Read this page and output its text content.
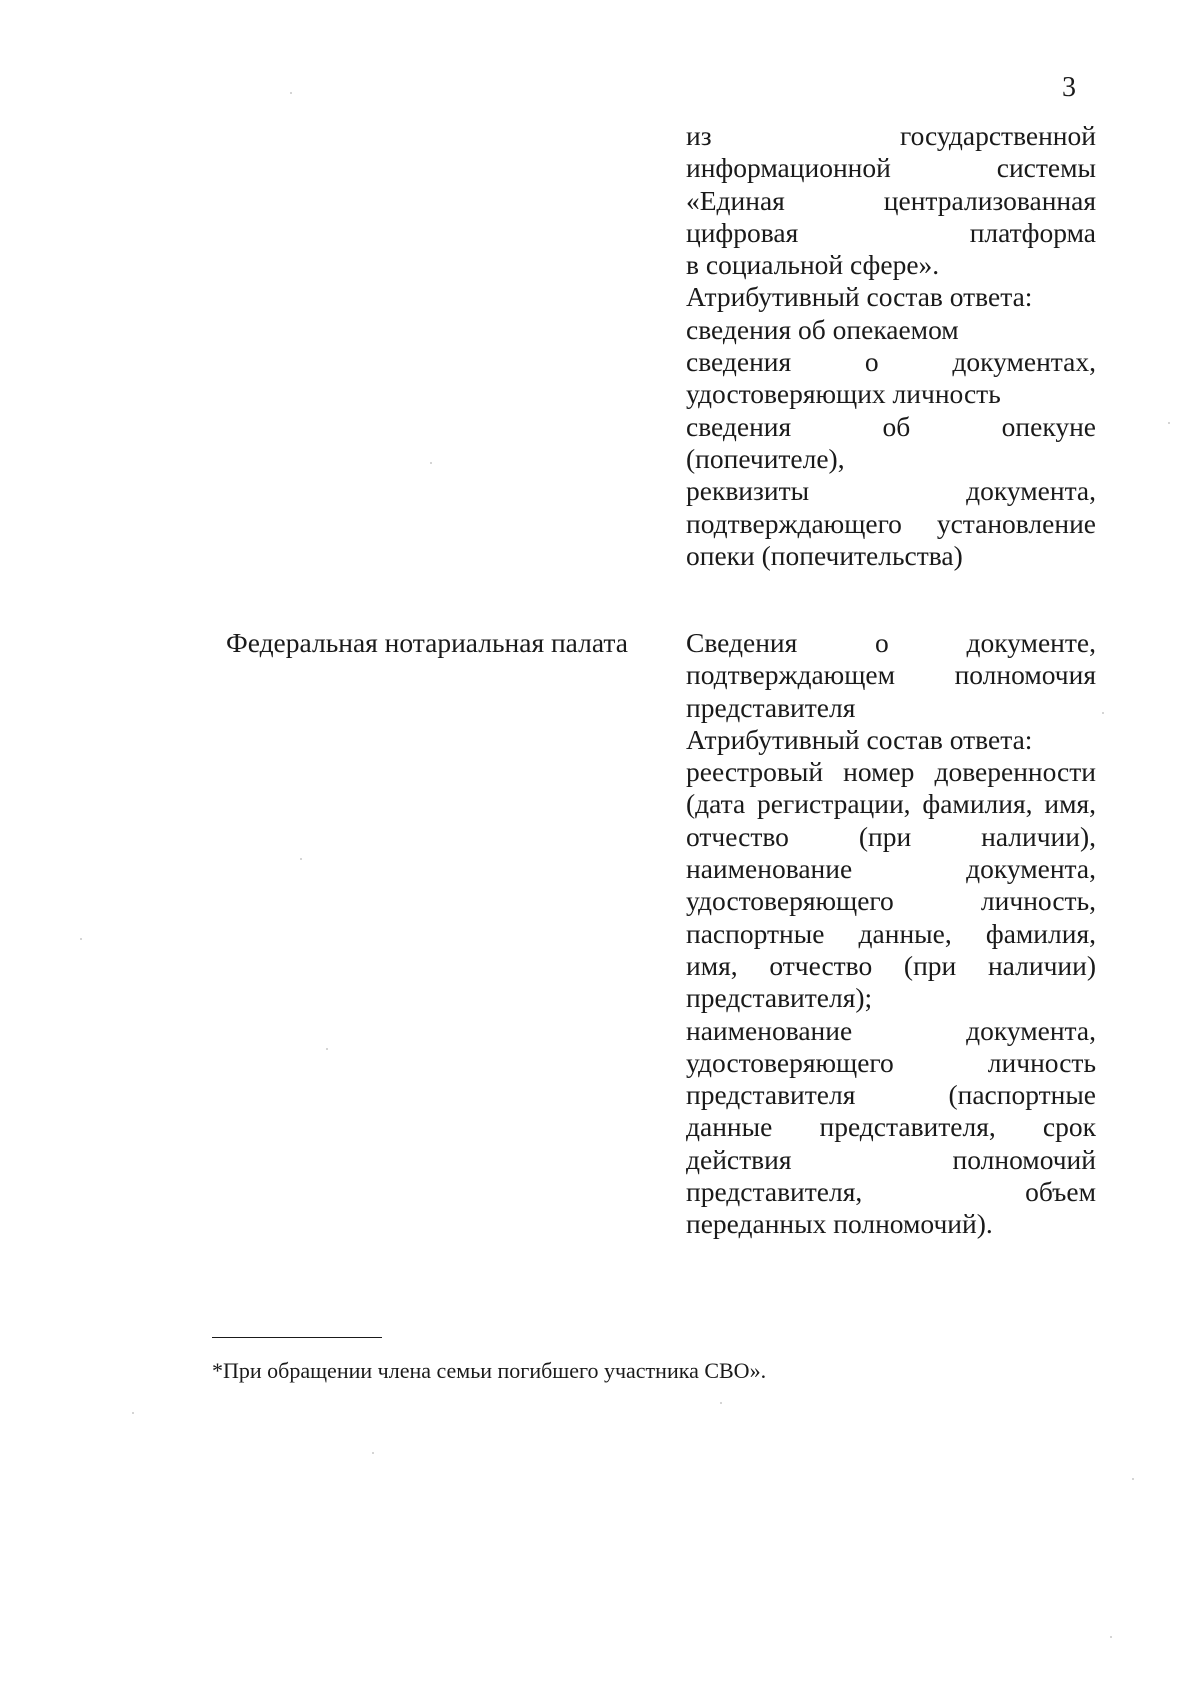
3

из государственной

информационной системы

«Единая централизованная

цифровая платформа

в социальной сфере».

Атрибутивный состав ответа:

сведения об опекаемом

сведения о документах,

удостоверяющих личность

сведения об опекуне

(попечителе),

реквизиты документа,

подтверждающего установление

опеки (попечительства)

Федеральная нотариальная палата Сведения о документе,

подтверждающем полномочия

представителя

Атрибутивный состав ответа:

реестровый номер доверенности

(дата регистрации, фамилия, имя,

отчество (при наличии),

наименование документа,

удостоверяющего личность,

паспортные данные, фамилия,

имя, отчество (при наличии)

представителя);

наименование документа,

удостоверяющего личность

представителя (паспортные

данные представителя, срок

действия полномочий

представителя, объем

переданных полномочий).

*При обращении члена семьи погибшего участника СВО».
